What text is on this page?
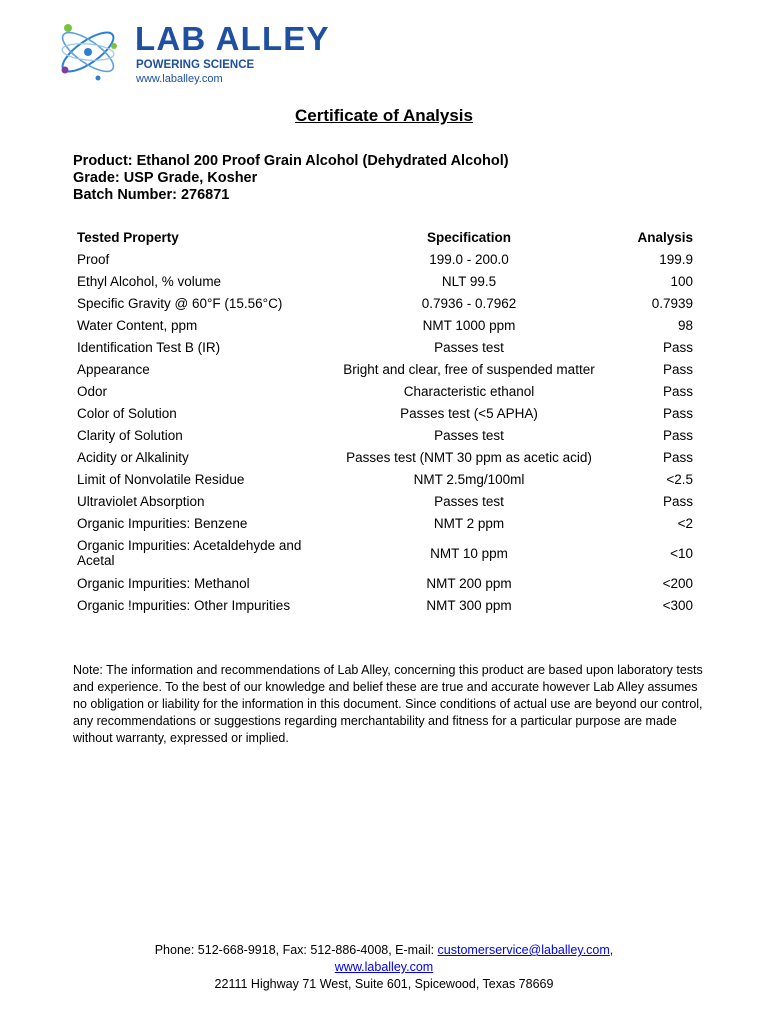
LAB ALLEY
POWERING SCIENCE
www.laballey.com
Certificate of Analysis
Product: Ethanol 200 Proof Grain Alcohol (Dehydrated Alcohol)
Grade: USP Grade, Kosher
Batch Number: 276871
Tested Property	Specification	Analysis
Proof	199.0 - 200.0	199.9
Ethyl Alcohol, % volume	NLT 99.5	100
Specific Gravity @ 60°F (15.56°C)	0.7936 - 0.7962	0.7939
Water Content, ppm	NMT 1000 ppm	98
Identification Test B (IR)	Passes test	Pass
Appearance	Bright and clear, free of suspended matter	Pass
Odor	Characteristic ethanol	Pass
Color of Solution	Passes test (<5 APHA)	Pass
Clarity of Solution	Passes test	Pass
Acidity or Alkalinity	Passes test (NMT 30 ppm as acetic acid)	Pass
Limit of Nonvolatile Residue	NMT 2.5mg/100ml	<2.5
Ultraviolet Absorption	Passes test	Pass
Organic Impurities: Benzene	NMT 2 ppm	<2
Organic Impurities: Acetaldehyde and Acetal	NMT 10 ppm	<10
Organic Impurities: Methanol	NMT 200 ppm	<200
Organic !mpurities: Other Impurities	NMT 300 ppm	<300
Note: The information and recommendations of Lab Alley, concerning this product are based upon laboratory tests and experience. To the best of our knowledge and belief these are true and accurate however Lab Alley assumes no obligation or liability for the information in this document. Since conditions of actual use are beyond our control, any recommendations or suggestions regarding merchantability and fitness for a particular purpose are made without warranty, expressed or implied.
Phone: 512-668-9918, Fax: 512-886-4008, E-mail: customerservice@laballey.com,
www.laballey.com
22111 Highway 71 West, Suite 601, Spicewood, Texas 78669
